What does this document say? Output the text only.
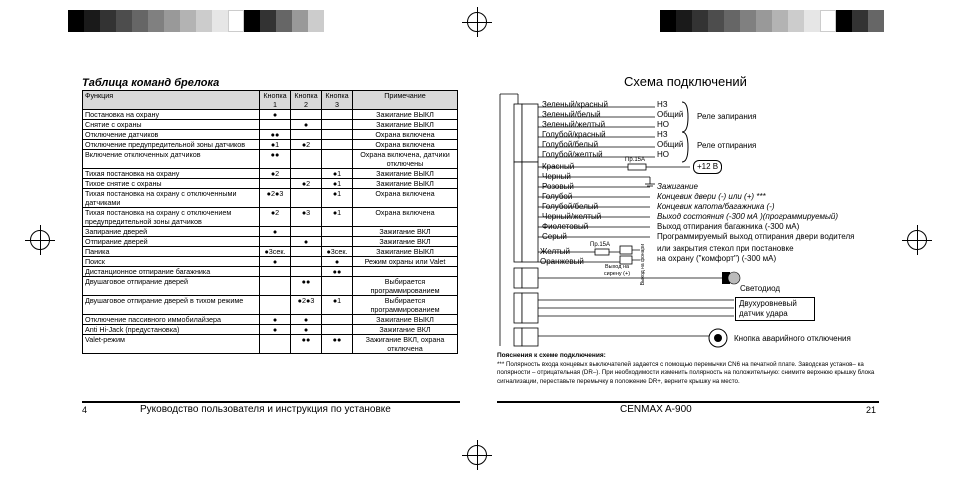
Таблица команд брелока
Функция	Кнопка 1	Кнопка 2	Кнопка 3	Примечание
Постановка на охрану	●			Зажигание ВЫКЛ
Снятие с охраны		●		Зажигание ВЫКЛ
Отключение датчиков	●●			Охрана включена
Отключение предупредительной зоны датчиков	●1	●2		Охрана включена
Включение отключенных датчиков	●●			Охрана включена, датчики отключены
Тихая постановка на охрану	●2		●1	Зажигание ВЫКЛ
Тихое снятие с охраны		●2	●1	Зажигание ВЫКЛ
Тихая постановка на охрану с отключенными датчиками	●2●3		●1	Охрана включена
Тихая постановка на охрану с отключением предупредительной зоны датчиков	●2	●3	●1	Охрана включена
Запирание дверей	●			Зажигание ВКЛ
Отпирание дверей		●		Зажигание ВКЛ
Паника	●3сек.		●3сек.	Зажигание ВЫКЛ
Поиск	●		●	Режим охраны или Valet
Дистанционное отпирание багажника			●●	
Двушаговое отпирание дверей		●●		Выбирается программированием
Двушаговое отпирание дверей в тихом режиме		●2●3	●1	Выбирается программированием
Отключение пассивного иммобилайзера	●	●		Зажигание ВЫКЛ
Anti Hi-Jack (предустановка)	●	●		Зажигание ВКЛ
Valet-режим		●●	●●	Зажигание ВКЛ, охрана отключена
4	Руководство пользователя и инструкция по установке
Схема подключений
Зеленый/красный	НЗ
Зеленый/белый	Общий
Зеленый/желтый	НО
Голубой/красный	НЗ
Голубой/белый	Общий
Голубой/желтый	НО
Реле запирания
Реле отпирания
Красный
Черный
Розовый	Зажигание
Голубой	Концевик двери (-) или (+) ***
Голубой/белый	Концевик капота/багажника (-)
Черный/желтый	Выход состояния (-300 мА )(программируемый)
Фиолетовый	Выход отпирания багажника (-300 мА)
Серый	Программируемый выход отпирания двери водителя
или закрытия стекол при постановке
на охрану ("комфорт") (-300 мА)
Пр.15А
+12 В
Желтый
Оранжевый
Пр.15А
Выход на сирену (+)	Выход на фонари
Светодиод
Двухуровневый датчик удара
Кнопка аварийного отключения
Пояснения к схеме подключения:
*** Полярность входа концевых выключателей задается с помощью перемычки CN6 на печатной плате. Заводская установ– ка полярности – отрицательная (DR–). При необходимости изменить полярность на положительную: снимите верхнюю крышку блока сигнализации, переставьте перемычку в положение DR+, верните крышку на место.
CENMAX A-900	21
